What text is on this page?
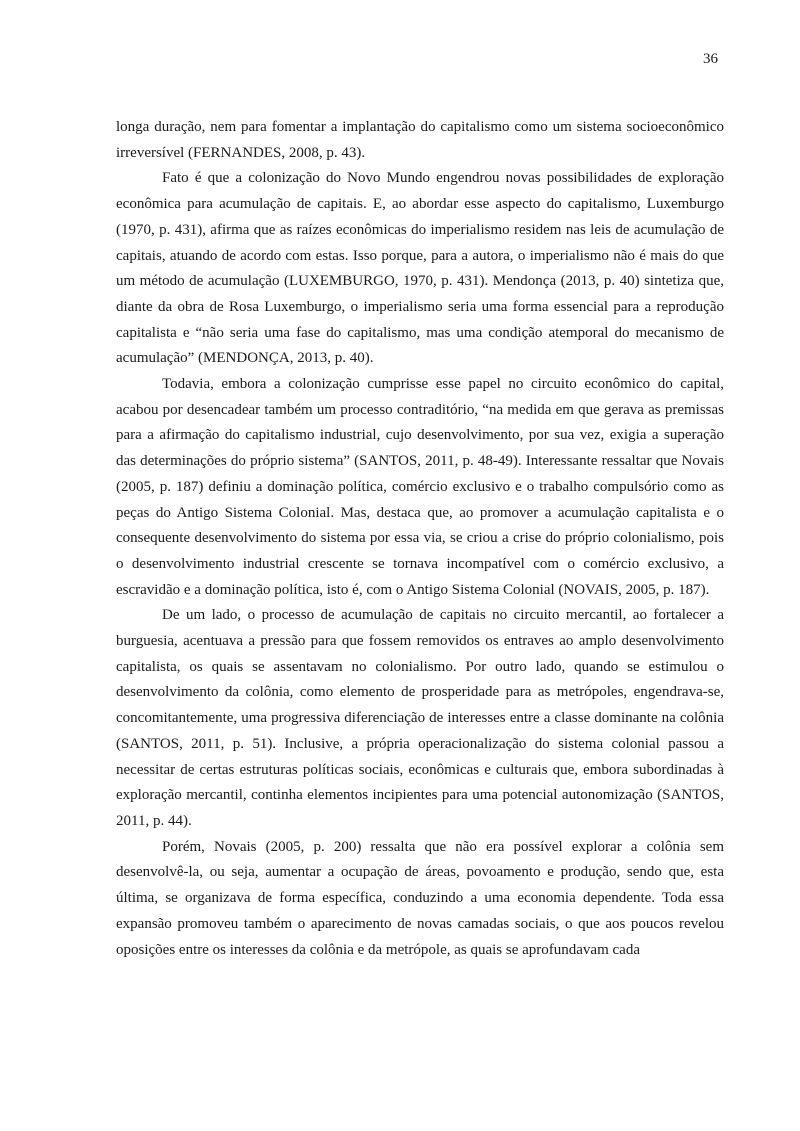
36

longa duração, nem para fomentar a implantação do capitalismo como um sistema socioeconômico irreversível (FERNANDES, 2008, p. 43).

Fato é que a colonização do Novo Mundo engendrou novas possibilidades de exploração econômica para acumulação de capitais. E, ao abordar esse aspecto do capitalismo, Luxemburgo (1970, p. 431), afirma que as raízes econômicas do imperialismo residem nas leis de acumulação de capitais, atuando de acordo com estas. Isso porque, para a autora, o imperialismo não é mais do que um método de acumulação (LUXEMBURGO, 1970, p. 431). Mendonça (2013, p. 40) sintetiza que, diante da obra de Rosa Luxemburgo, o imperialismo seria uma forma essencial para a reprodução capitalista e “não seria uma fase do capitalismo, mas uma condição atemporal do mecanismo de acumulação” (MENDONÇA, 2013, p. 40).

Todavia, embora a colonização cumprisse esse papel no circuito econômico do capital, acabou por desencadear também um processo contraditório, “na medida em que gerava as premissas para a afirmação do capitalismo industrial, cujo desenvolvimento, por sua vez, exigia a superação das determinações do próprio sistema” (SANTOS, 2011, p. 48-49). Interessante ressaltar que Novais (2005, p. 187) definiu a dominação política, comércio exclusivo e o trabalho compulsório como as peças do Antigo Sistema Colonial. Mas, destaca que, ao promover a acumulação capitalista e o consequente desenvolvimento do sistema por essa via, se criou a crise do próprio colonialismo, pois o desenvolvimento industrial crescente se tornava incompatível com o comércio exclusivo, a escravidão e a dominação política, isto é, com o Antigo Sistema Colonial (NOVAIS, 2005, p. 187).

De um lado, o processo de acumulação de capitais no circuito mercantil, ao fortalecer a burguesia, acentuava a pressão para que fossem removidos os entraves ao amplo desenvolvimento capitalista, os quais se assentavam no colonialismo. Por outro lado, quando se estimulou o desenvolvimento da colônia, como elemento de prosperidade para as metrópoles, engendrava-se, concomitantemente, uma progressiva diferenciação de interesses entre a classe dominante na colônia (SANTOS, 2011, p. 51). Inclusive, a própria operacionalização do sistema colonial passou a necessitar de certas estruturas políticas sociais, econômicas e culturais que, embora subordinadas à exploração mercantil, continha elementos incipientes para uma potencial autonomização (SANTOS, 2011, p. 44).

Porém, Novais (2005, p. 200) ressalta que não era possível explorar a colônia sem desenvolvê-la, ou seja, aumentar a ocupação de áreas, povoamento e produção, sendo que, esta última, se organizava de forma específica, conduzindo a uma economia dependente. Toda essa expansão promoveu também o aparecimento de novas camadas sociais, o que aos poucos revelou oposições entre os interesses da colônia e da metrópole, as quais se aprofundavam cada
